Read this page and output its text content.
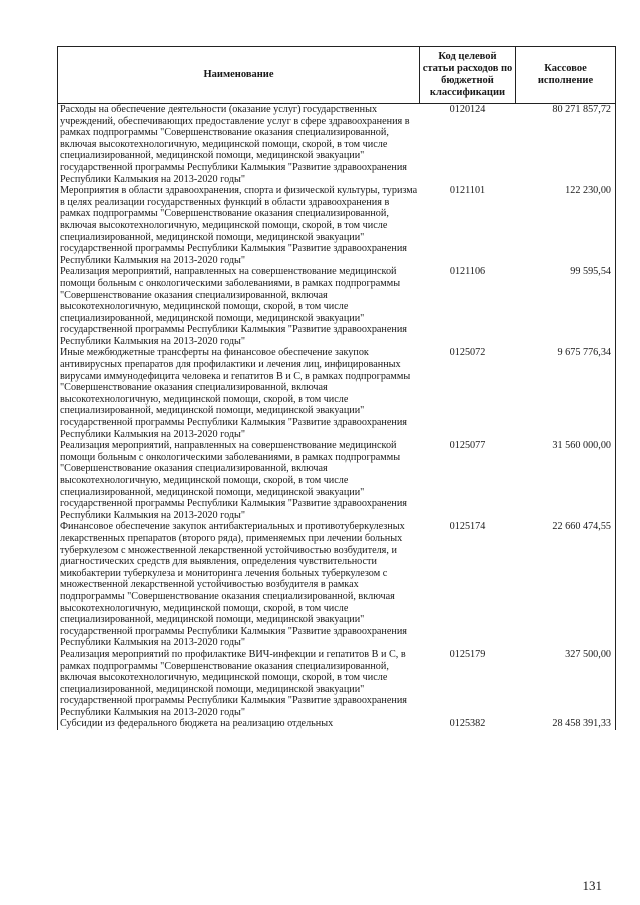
Наименование	Код целевой статьи расходов по бюджетной классификации	Кассовое исполнение
Расходы на обеспечение деятельности (оказание услуг) государственных учреждений, обеспечивающих предоставление услуг в сфере здравоохранения в рамках подпрограммы "Совершенствование оказания специализированной, включая высокотехнологичную, медицинской помощи, скорой, в том числе специализированной, медицинской помощи, медицинской эвакуации" государственной программы Республики Калмыкия "Развитие здравоохранения Республики Калмыкия на 2013-2020 годы"	0120124	80 271 857,72
Мероприятия в области здравоохранения, спорта и физической культуры, туризма в целях реализации государственных функций в области здравоохранения в рамках подпрограммы "Совершенствование оказания специализированной, включая высокотехнологичную, медицинской помощи, скорой, в том числе специализированной, медицинской помощи, медицинской эвакуации" государственной программы Республики Калмыкия "Развитие здравоохранения Республики Калмыкия на 2013-2020 годы"	0121101	122 230,00
Реализация мероприятий, направленных на совершенствование медицинской помощи больным с онкологическими заболеваниями, в рамках подпрограммы "Совершенствование оказания специализированной, включая высокотехнологичную, медицинской помощи, скорой, в том числе специализированной, медицинской помощи, медицинской эвакуации" государственной программы Республики Калмыкия "Развитие здравоохранения Республики Калмыкия на 2013-2020 годы"	0121106	99 595,54
Иные межбюджетные трансферты на финансовое обеспечение закупок антивирусных препаратов для профилактики и лечения лиц, инфицированных вирусами иммунодефицита человека и гепатитов В и С, в рамках подпрограммы "Совершенствование оказания специализированной, включая высокотехнологичную, медицинской помощи, скорой, в том числе специализированной, медицинской помощи, медицинской эвакуации" государственной программы Республики Калмыкия "Развитие здравоохранения Республики Калмыкия на 2013-2020 годы"	0125072	9 675 776,34
Реализация мероприятий, направленных на совершенствование медицинской помощи больным с онкологическими заболеваниями, в рамках подпрограммы "Совершенствование оказания специализированной, включая высокотехнологичную, медицинской помощи, скорой, в том числе специализированной, медицинской помощи, медицинской эвакуации" государственной программы Республики Калмыкия "Развитие здравоохранения Республики Калмыкия на 2013-2020 годы"	0125077	31 560 000,00
Финансовое обеспечение закупок антибактериальных и противотуберкулезных лекарственных препаратов (второго ряда), применяемых при лечении больных туберкулезом с множественной лекарственной устойчивостью возбудителя, и диагностических средств для выявления, определения чувствительности микобактерии туберкулеза и мониторинга лечения больных туберкулезом с множественной лекарственной устойчивостью возбудителя в рамках подпрограммы "Совершенствование оказания специализированной, включая высокотехнологичную, медицинской помощи, скорой, в том числе специализированной, медицинской помощи, медицинской эвакуации" государственной программы Республики Калмыкия "Развитие здравоохранения Республики Калмыкия на 2013-2020 годы"	0125174	22 660 474,55
Реализация мероприятий по профилактике ВИЧ-инфекции и гепатитов В и С, в рамках подпрограммы "Совершенствование оказания специализированной, включая высокотехнологичную, медицинской помощи, скорой, в том числе специализированной, медицинской помощи, медицинской эвакуации" государственной программы Республики Калмыкия "Развитие здравоохранения Республики Калмыкия на 2013-2020 годы"	0125179	327 500,00
Субсидии из федерального бюджета на реализацию отдельных	0125382	28 458 391,33
131
